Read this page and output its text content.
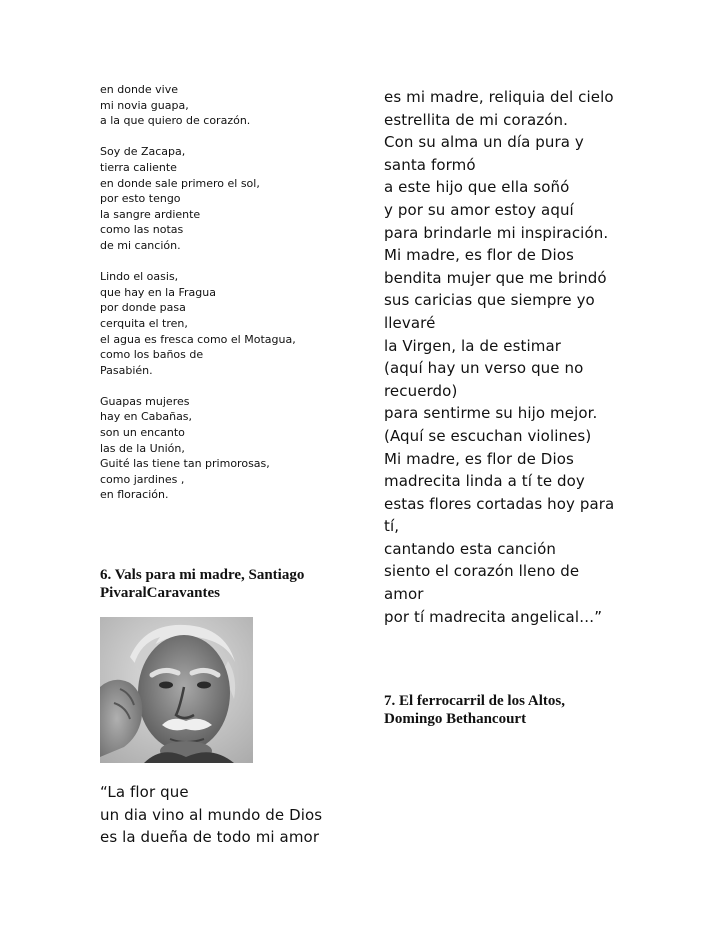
en donde vive
mi novia guapa,
a la que quiero de corazón.
Soy de Zacapa,
tierra caliente
en donde sale primero el sol,
por esto tengo
la sangre ardiente
como las notas
de mi canción.
Lindo el oasis,
que hay en la Fragua
por donde pasa
cerquita el tren,
el agua es fresca como el Motagua,
como los baños de
Pasabién.
Guapas mujeres
hay en Cabañas,
son un encanto
las de la Unión,
Guité las tiene tan primorosas,
como jardines ,
en floración.
6. Vals para mi madre, Santiago
PivaralCaravantes
“La flor que
un dia vino al mundo de Dios
es la dueña de todo mi amor
es mi madre, reliquia del cielo
estrellita de mi corazón.
Con su alma un día pura y
santa formó
a este hijo que ella soñó
y por su amor estoy aquí
para brindarle mi inspiración.
Mi madre, es flor de Dios
bendita mujer que me brindó
sus caricias que siempre yo
llevaré
la Virgen, la de estimar
(aquí hay un verso que no
recuerdo)
para sentirme su hijo mejor.
(Aquí se escuchan violines)
Mi madre, es flor de Dios
madrecita linda a tí te doy
estas flores cortadas hoy para
tí,
cantando esta canción
siento el corazón lleno de
amor
por tí madrecita angelical…”
7. El ferrocarril de los Altos,
Domingo Bethancourt
